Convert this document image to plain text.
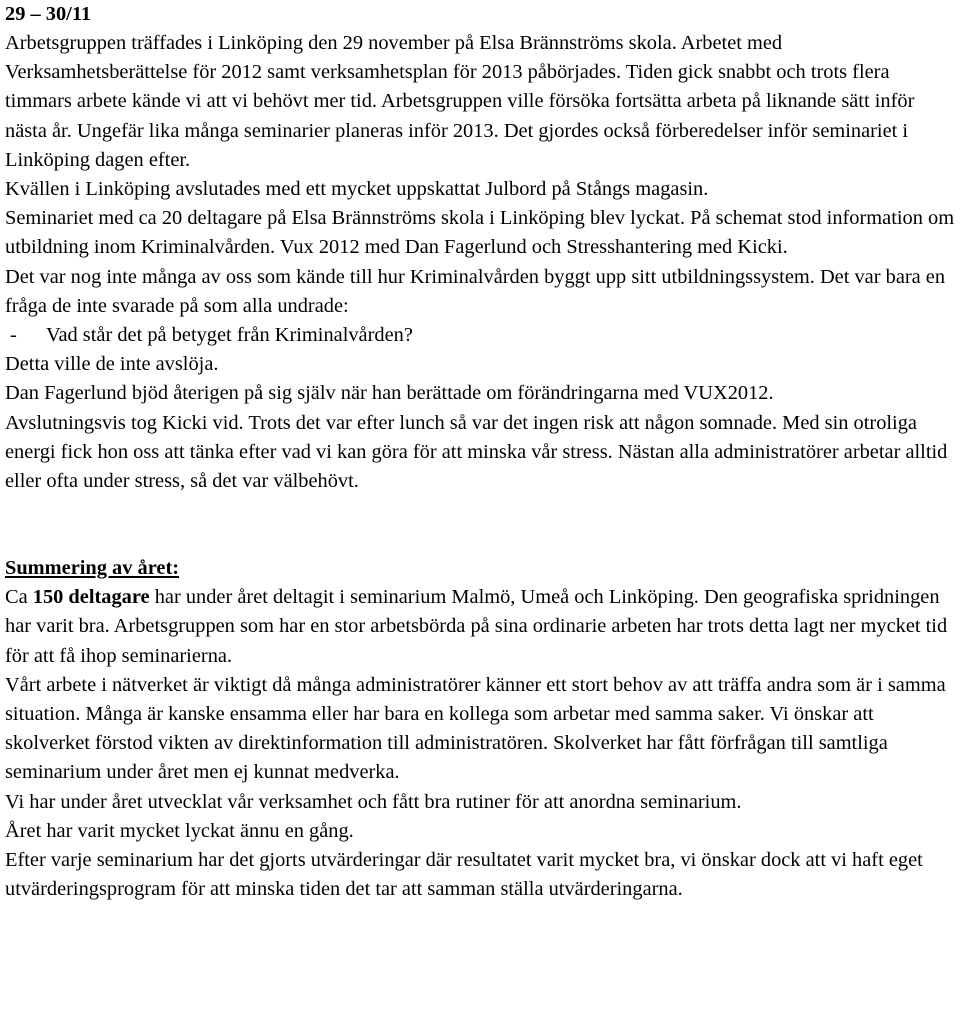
29 – 30/11

Arbetsgruppen träffades i Linköping den 29 november på Elsa Brännströms skola. Arbetet med Verksamhetsberättelse för 2012 samt verksamhetsplan för 2013 påbörjades. Tiden gick snabbt och trots flera timmars arbete kände vi att vi behövt mer tid. Arbetsgruppen ville försöka fortsätta arbeta på liknande sätt inför nästa år. Ungefär lika många seminarier planeras inför 2013. Det gjordes också förberedelser inför seminariet i Linköping dagen efter.

Kvällen i Linköping avslutades med ett mycket uppskattat Julbord på Stångs magasin.

Seminariet med ca 20 deltagare på Elsa Brännströms skola i Linköping blev lyckat. På schemat stod information om utbildning inom Kriminalvården. Vux 2012 med Dan Fagerlund och Stresshantering med Kicki.

Det var nog inte många av oss som kände till hur Kriminalvården byggt upp sitt utbildningssystem. Det var bara en fråga de inte svarade på som alla undrade:

-	Vad står det på betyget från Kriminalvården?

Detta ville de inte avslöja.

Dan Fagerlund bjöd återigen på sig själv när han berättade om förändringarna med VUX2012.

Avslutningsvis tog Kicki vid. Trots det var efter lunch så var det ingen risk att någon somnade. Med sin otroliga energi fick hon oss att tänka efter vad vi kan göra för att minska vår stress. Nästan alla administratörer arbetar alltid eller ofta under stress, så det var välbehövt.

Summering av året:

Ca 150 deltagare har under året deltagit i seminarium Malmö, Umeå och Linköping. Den geografiska spridningen har varit bra. Arbetsgruppen som har en stor arbetsbörda på sina ordinarie arbeten har trots detta lagt ner mycket tid för att få ihop seminarierna.

Vårt arbete i nätverket är viktigt då många administratörer känner ett stort behov av att träffa andra som är i samma situation. Många är kanske ensamma eller har bara en kollega som arbetar med samma saker. Vi önskar att skolverket förstod vikten av direktinformation till administratören. Skolverket har fått förfrågan till samtliga seminarium under året men ej kunnat medverka.

Vi har under året utvecklat vår verksamhet och fått bra rutiner för att anordna seminarium.

Året har varit mycket lyckat ännu en gång.

Efter varje seminarium har det gjorts utvärderingar där resultatet varit mycket bra, vi önskar dock att vi haft eget utvärderingsprogram för att minska tiden det tar att samman ställa utvärderingarna.
